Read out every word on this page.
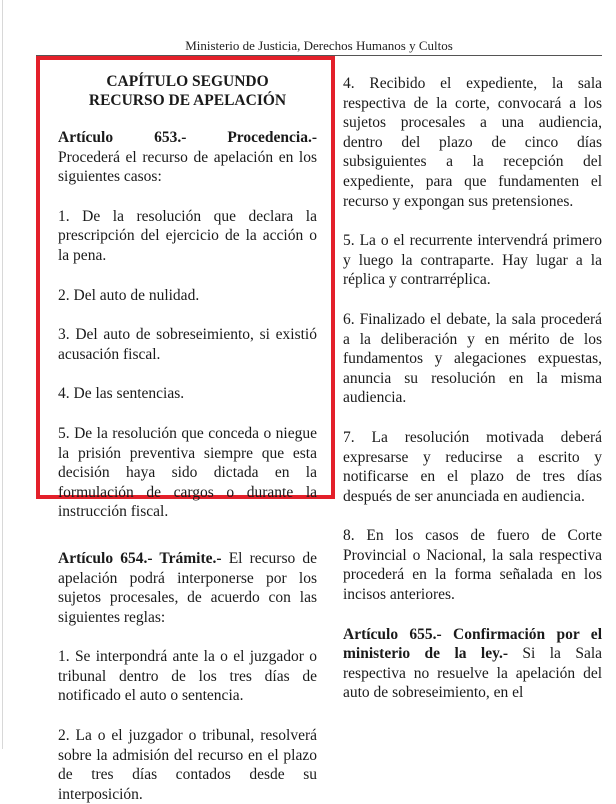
Ministerio de Justicia, Derechos Humanos y Cultos

CAPÍTULO SEGUNDO
RECURSO DE APELACIÓN

Artículo 653.- Procedencia.-
Procederá el recurso de apelación en los siguientes casos:

1. De la resolución que declara la prescripción del ejercicio de la acción o la pena.

2. Del auto de nulidad.

3. Del auto de sobreseimiento, si existió acusación fiscal.

4. De las sentencias.

5. De la resolución que conceda o niegue la prisión preventiva siempre que esta decisión haya sido dictada en la formulación de cargos o durante la instrucción fiscal.

Artículo 654.- Trámite.- El recurso de apelación podrá interponerse por los sujetos procesales, de acuerdo con las siguientes reglas:

1. Se interpondrá ante la o el juzgador o tribunal dentro de los tres días de notificado el auto o sentencia.

2. La o el juzgador o tribunal, resolverá sobre la admisión del recurso en el plazo de tres días contados desde su interposición.

4. Recibido el expediente, la sala respectiva de la corte, convocará a los sujetos procesales a una audiencia, dentro del plazo de cinco días subsiguientes a la recepción del expediente, para que fundamenten el recurso y expongan sus pretensiones.

5. La o el recurrente intervendrá primero y luego la contraparte. Hay lugar a la réplica y contrarréplica.

6. Finalizado el debate, la sala procederá a la deliberación y en mérito de los fundamentos y alegaciones expuestas, anuncia su resolución en la misma audiencia.

7. La resolución motivada deberá expresarse y reducirse a escrito y notificarse en el plazo de tres días después de ser anunciada en audiencia.

8. En los casos de fuero de Corte Provincial o Nacional, la sala respectiva procederá en la forma señalada en los incisos anteriores.

Artículo 655.- Confirmación por el ministerio de la ley.- Si la Sala respectiva no resuelve la apelación del auto de sobreseimiento, en el
